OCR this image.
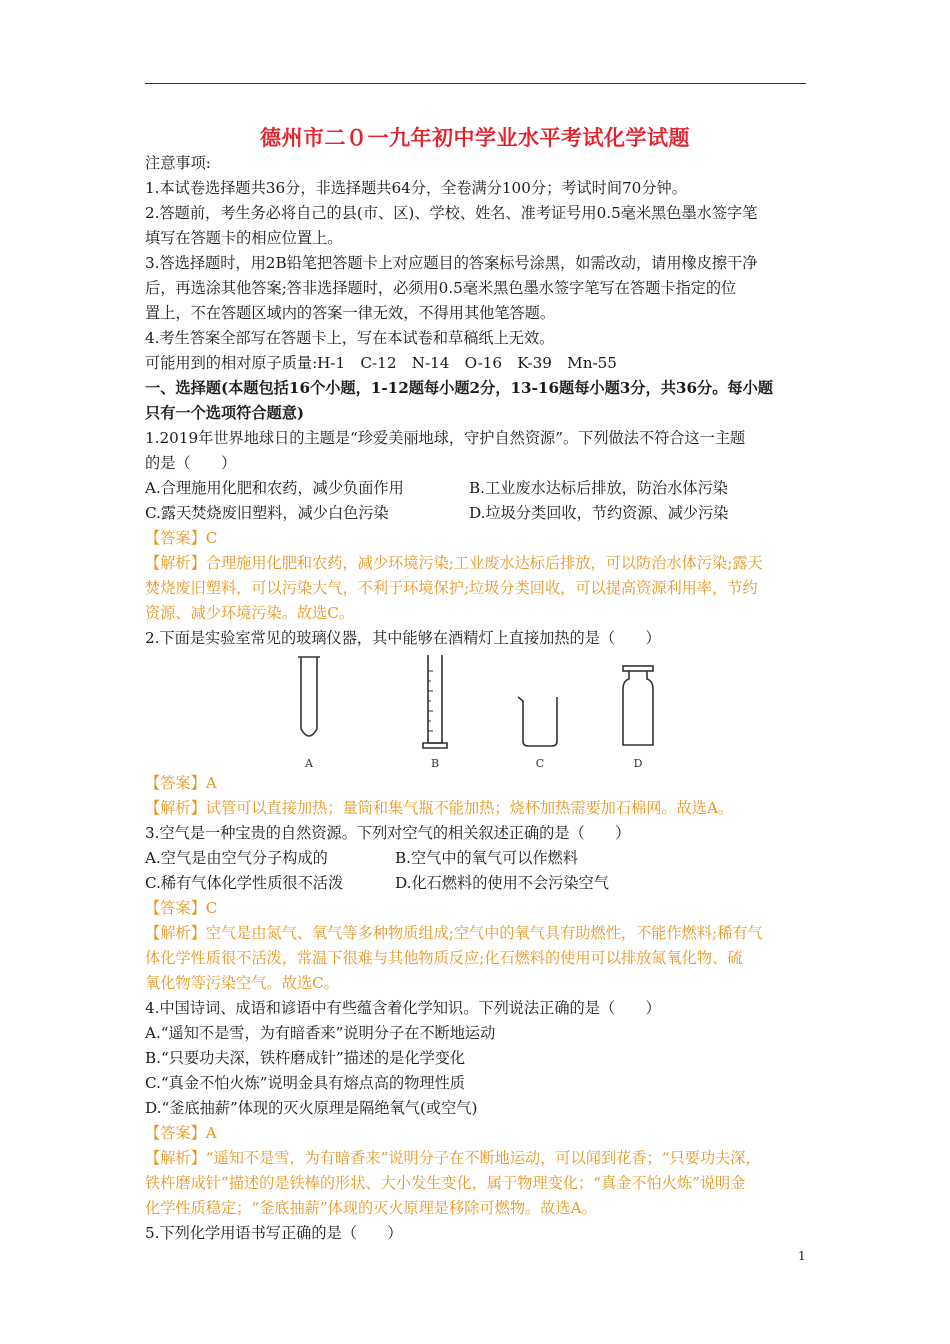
德州市二０一九年初中学业水平考试化学试题
注意事项:
1.本试卷选择题共36分，非选择题共64分，全卷满分100分；考试时间70分钟。
2.答题前，考生务必将自己的县(市、区)、学校、姓名、准考证号用0.5毫米黑色墨水签字笔
填写在答题卡的相应位置上。
3.答选择题时，用2B铅笔把答题卡上对应题目的答案标号涂黑，如需改动，请用橡皮擦干净
后，再选涂其他答案;答非选择题时，必须用0.5毫米黑色墨水签字笔写在答题卡指定的位
置上，不在答题区域内的答案一律无效，不得用其他笔答题。
4.考生答案全部写在答题卡上，写在本试卷和草稿纸上无效。
可能用到的相对原子质量:H-1　C-12　N-14　O-16　K-39　Mn-55
一、选择题(本题包括16个小题，1-12题每小题2分，13-16题每小题3分，共36分。每小题
只有一个选项符合题意)
1.2019年世界地球日的主题是“珍爱美丽地球，守护自然资源”。下列做法不符合这一主题
的是（　　）
A.合理施用化肥和农药，减少负面作用	B.工业废水达标后排放，防治水体污染
C.露天焚烧废旧塑料，减少白色污染	D.垃圾分类回收，节约资源、减少污染
【答案】C
【解析】合理施用化肥和农药，减少环境污染;工业废水达标后排放，可以防治水体污染;露天
焚烧废旧塑料，可以污染大气，不利于环境保护;垃圾分类回收，可以提高资源利用率，节约
资源、减少环境污染。故选C。
2.下面是实验室常见的玻璃仪器，其中能够在酒精灯上直接加热的是（　　）
A	B	C	D
【答案】A
【解析】试管可以直接加热；量筒和集气瓶不能加热；烧杯加热需要加石棉网。故选A。
3.空气是一种宝贵的自然资源。下列对空气的相关叙述正确的是（　　）
A.空气是由空气分子构成的	B.空气中的氧气可以作燃料
C.稀有气体化学性质很不活泼	D.化石燃料的使用不会污染空气
【答案】C
【解析】空气是由氮气、氧气等多种物质组成;空气中的氧气具有助燃性，不能作燃料;稀有气
体化学性质很不活泼，常温下很难与其他物质反应;化石燃料的使用可以排放氮氧化物、硫
氧化物等污染空气。故选C。
4.中国诗词、成语和谚语中有些蕴含着化学知识。下列说法正确的是（　　）
A.“遥知不是雪，为有暗香来”说明分子在不断地运动
B.“只要功夫深，铁杵磨成针”描述的是化学变化
C.“真金不怕火炼”说明金具有熔点高的物理性质
D.“釜底抽薪”体现的灭火原理是隔绝氧气(或空气)
【答案】A
【解析】“遥知不是雪，为有暗香来”说明分子在不断地运动，可以闻到花香；“只要功夫深，
铁杵磨成针”描述的是铁棒的形状、大小发生变化，属于物理变化；“真金不怕火炼”说明金
化学性质稳定；“釜底抽薪”体现的灭火原理是移除可燃物。故选A。
5.下列化学用语书写正确的是（　　）
1
